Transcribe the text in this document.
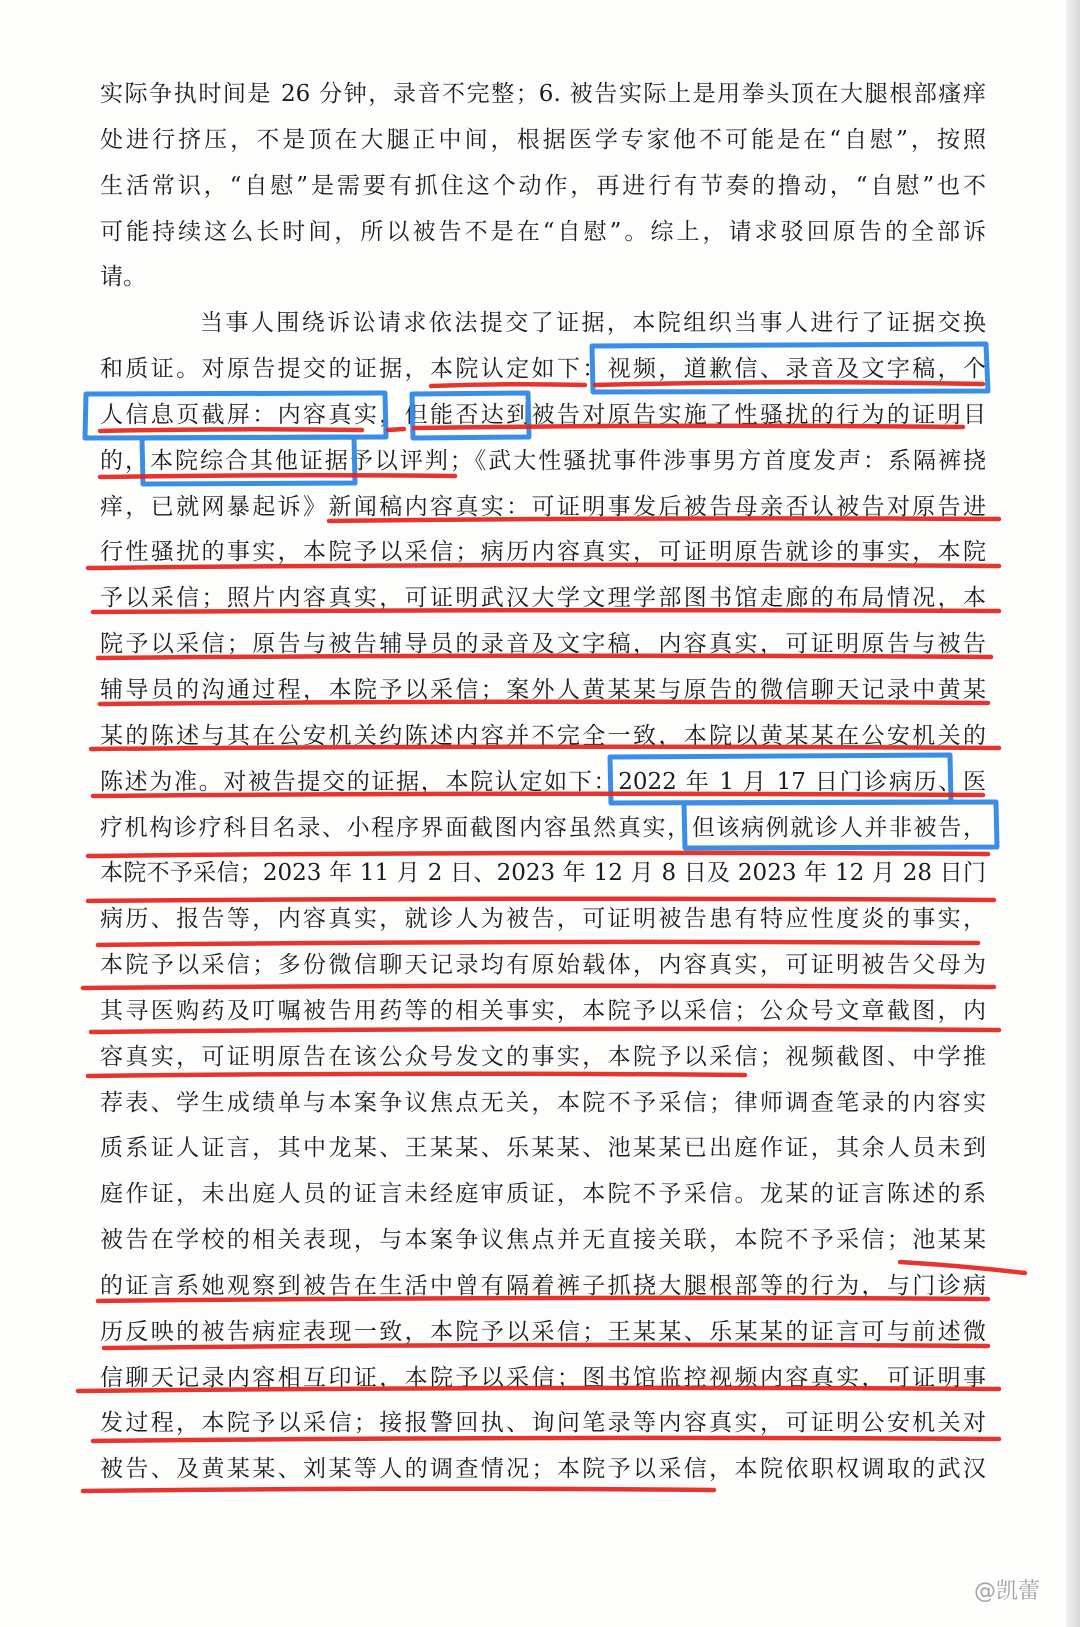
实际争执时间是 26 分钟，录音不完整；6. 被告实际上是用拳头顶在大腿根部瘙痒
处进行挤压，不是顶在大腿正中间，根据医学专家他不可能是在“自慰”，按照
生活常识，“自慰”是需要有抓住这个动作，再进行有节奏的撸动，“自慰”也不
可能持续这么长时间，所以被告不是在“自慰”。综上，请求驳回原告的全部诉
请。
当事人围绕诉讼请求依法提交了证据，本院组织当事人进行了证据交换
和质证。对原告提交的证据，本院认定如下：视频，道歉信、录音及文字稿，个
人信息页截屏：内容真实，但能否达到被告对原告实施了性骚扰的行为的证明目
的，本院综合其他证据予以评判；《武大性骚扰事件涉事男方首度发声：系隔裤挠
痒，已就网暴起诉》新闻稿内容真实：可证明事发后被告母亲否认被告对原告进
行性骚扰的事实，本院予以采信；病历内容真实，可证明原告就诊的事实，本院
予以采信；照片内容真实，可证明武汉大学文理学部图书馆走廊的布局情况，本
院予以采信；原告与被告辅导员的录音及文字稿，内容真实，可证明原告与被告
辅导员的沟通过程，本院予以采信；案外人黄某某与原告的微信聊天记录中黄某
某的陈述与其在公安机关约陈述内容并不完全一致，本院以黄某某在公安机关的
陈述为准。对被告提交的证据，本院认定如下：2022 年 1 月 17 日门诊病历、医
疗机构诊疗科目名录、小程序界面截图内容虽然真实，但该病例就诊人并非被告，
本院不予采信；2023 年 11 月 2 日、2023 年 12 月 8 日及 2023 年 12 月 28 日门
病历、报告等，内容真实，就诊人为被告，可证明被告患有特应性度炎的事实，
本院予以采信；多份微信聊天记录均有原始载体，内容真实，可证明被告父母为
其寻医购药及叮嘱被告用药等的相关事实，本院予以采信；公众号文章截图，内
容真实，可证明原告在该公众号发文的事实，本院予以采信；视频截图、中学推
荐表、学生成绩单与本案争议焦点无关，本院不予采信；律师调查笔录的内容实
质系证人证言，其中龙某、王某某、乐某某、池某某已出庭作证，其余人员未到
庭作证，未出庭人员的证言未经庭审质证，本院不予采信。龙某的证言陈述的系
被告在学校的相关表现，与本案争议焦点并无直接关联，本院不予采信；池某某
的证言系她观察到被告在生活中曾有隔着裤子抓挠大腿根部等的行为，与门诊病
历反映的被告病症表现一致，本院予以采信；王某某、乐某某的证言可与前述微
信聊天记录内容相互印证，本院予以采信；图书馆监控视频内容真实，可证明事
发过程，本院予以采信；接报警回执、询问笔录等内容真实，可证明公安机关对
被告、及黄某某、刘某等人的调查情况；本院予以采信，本院依职权调取的武汉
@凯蕾
